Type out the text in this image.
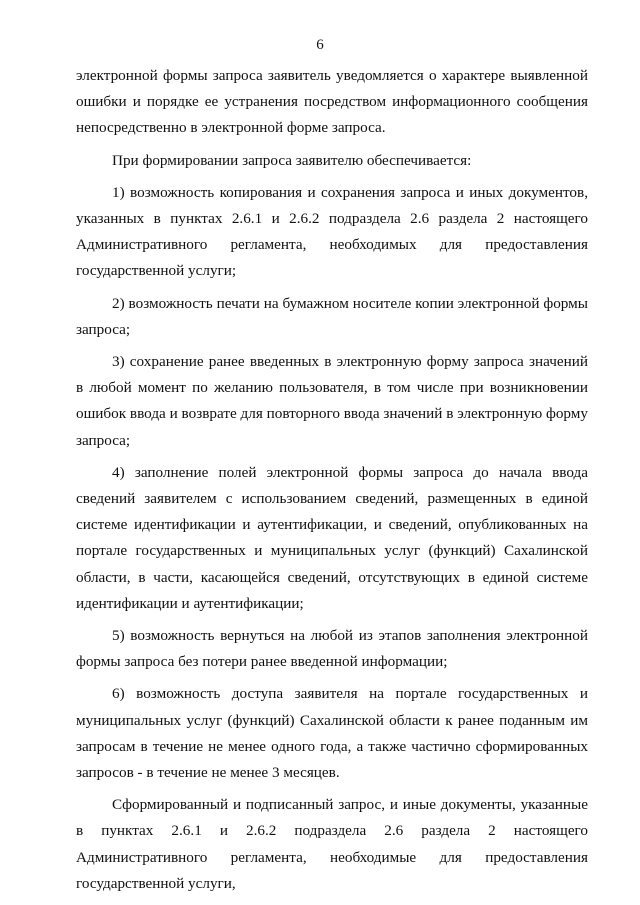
6

электронной формы запроса заявитель уведомляется о характере выявленной ошибки и порядке ее устранения посредством информационного сообщения непосредственно в электронной форме запроса.

При формировании запроса заявителю обеспечивается:

1) возможность копирования и сохранения запроса и иных документов, указанных в пунктах 2.6.1 и 2.6.2 подраздела 2.6 раздела 2 настоящего Административного регламента, необходимых для предоставления государственной услуги;

2) возможность печати на бумажном носителе копии электронной формы запроса;

3) сохранение ранее введенных в электронную форму запроса значений в любой момент по желанию пользователя, в том числе при возникновении ошибок ввода и возврате для повторного ввода значений в электронную форму запроса;

4) заполнение полей электронной формы запроса до начала ввода сведений заявителем с использованием сведений, размещенных в единой системе идентификации и аутентификации, и сведений, опубликованных на портале государственных и муниципальных услуг (функций) Сахалинской области, в части, касающейся сведений, отсутствующих в единой системе идентификации и аутентификации;

5) возможность вернуться на любой из этапов заполнения электронной формы запроса без потери ранее введенной информации;

6) возможность доступа заявителя на портале государственных и муниципальных услуг (функций) Сахалинской области к ранее поданным им запросам в течение не менее одного года, а также частично сформированных запросов - в течение не менее 3 месяцев.

Сформированный и подписанный запрос, и иные документы, указанные в пунктах 2.6.1 и 2.6.2 подраздела 2.6 раздела 2 настоящего Административного регламента, необходимые для предоставления государственной услуги,
